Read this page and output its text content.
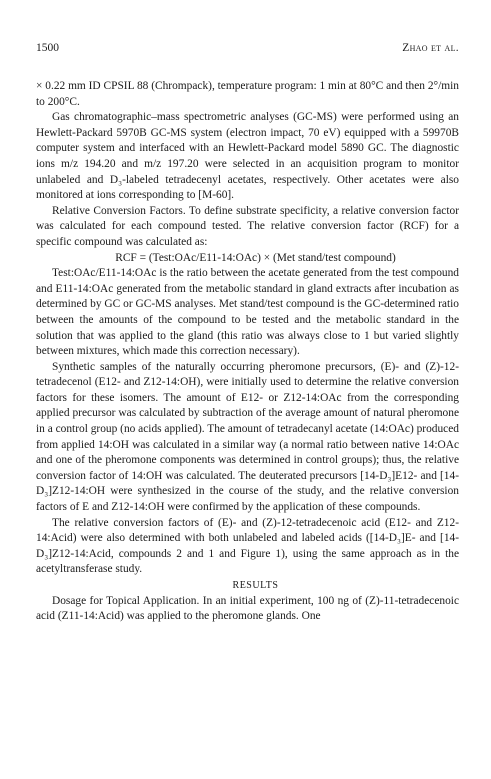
1500	Zhao et al.

× 0.22 mm ID CPSIL 88 (Chrompack), temperature program: 1 min at 80°C and then 2°/min to 200°C.

Gas chromatographic–mass spectrometric analyses (GC-MS) were performed using an Hewlett-Packard 5970B GC-MS system (electron impact, 70 eV) equipped with a 59970B computer system and interfaced with an Hewlett-Packard model 5890 GC. The diagnostic ions m/z 194.20 and m/z 197.20 were selected in an acquisition program to monitor unlabeled and D₃-labeled tetradecenyl acetates, respectively. Other acetates were also monitored at ions corresponding to [M-60].

Relative Conversion Factors. To define substrate specificity, a relative conversion factor was calculated for each compound tested. The relative conversion factor (RCF) for a specific compound was calculated as:

RCF = (Test:OAc/E11-14:OAc) × (Met stand/test compound)

Test:OAc/E11-14:OAc is the ratio between the acetate generated from the test compound and E11-14:OAc generated from the metabolic standard in gland extracts after incubation as determined by GC or GC-MS analyses. Met stand/test compound is the GC-determined ratio between the amounts of the compound to be tested and the metabolic standard in the solution that was applied to the gland (this ratio was always close to 1 but varied slightly between mixtures, which made this correction necessary).

Synthetic samples of the naturally occurring pheromone precursors, (E)- and (Z)-12-tetradecenol (E12- and Z12-14:OH), were initially used to determine the relative conversion factors for these isomers. The amount of E12- or Z12-14:OAc from the corresponding applied precursor was calculated by subtraction of the average amount of natural pheromone in a control group (no acids applied). The amount of tetradecanyl acetate (14:OAc) produced from applied 14:OH was calculated in a similar way (a normal ratio between native 14:OAc and one of the pheromone components was determined in control groups); thus, the relative conversion factor of 14:OH was calculated. The deuterated precursors [14-D₃]E12- and [14-D₃]Z12-14:OH were synthesized in the course of the study, and the relative conversion factors of E and Z12-14:OH were confirmed by the application of these compounds.

The relative conversion factors of (E)- and (Z)-12-tetradecenoic acid (E12- and Z12-14:Acid) were also determined with both unlabeled and labeled acids ([14-D₃]E- and [14-D₃]Z12-14:Acid, compounds 2 and 1 and Figure 1), using the same approach as in the acetyltransferase study.

RESULTS

Dosage for Topical Application. In an initial experiment, 100 ng of (Z)-11-tetradecenoic acid (Z11-14:Acid) was applied to the pheromone glands. One
